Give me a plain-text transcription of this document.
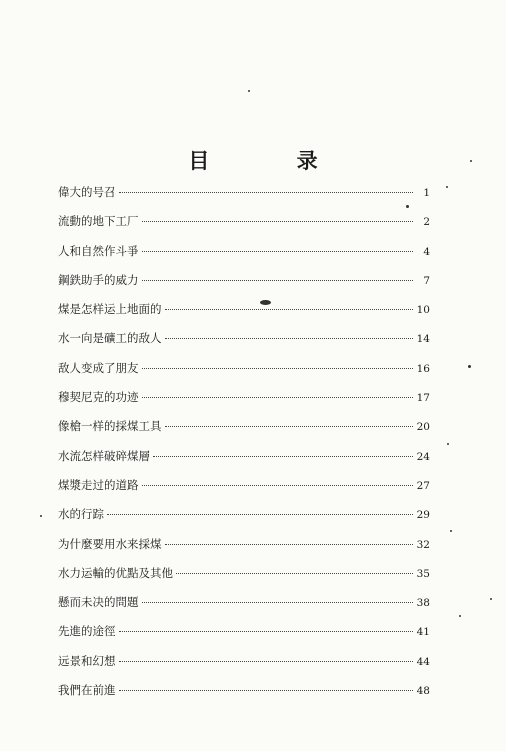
目 录
偉大的号召	1
流動的地下工厂	2
人和自然作斗爭	4
鋼鉄助手的威力	7
煤是怎样运上地面的	10
水一向是礦工的敌人	14
敌人变成了朋友	16
穆契尼克的功迹	17
像槍一样的採煤工具	20
水流怎样破碎煤層	24
煤漿走过的道路	27
水的行踪	29
为什麼要用水来採煤	32
水力运輸的优點及其他	35
懸而未决的問題	38
先進的途徑	41
远景和幻想	44
我們在前進	48
